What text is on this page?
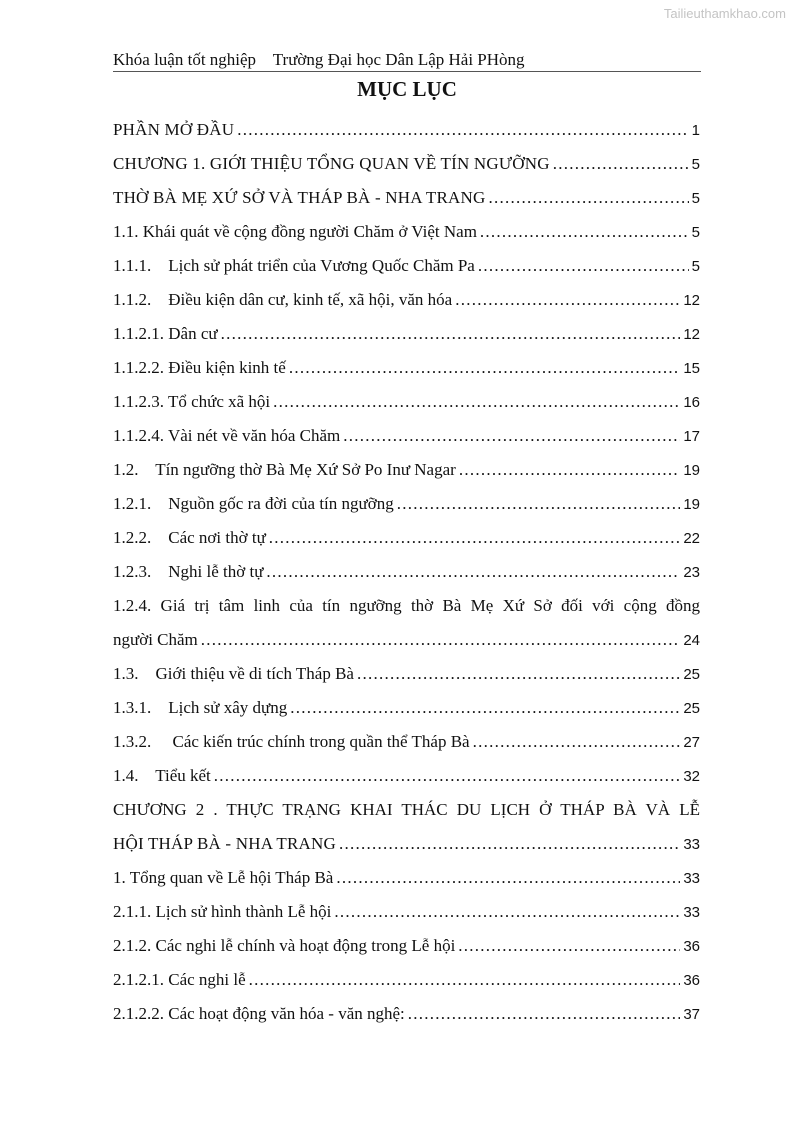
Tailieuthamkhao.com
Khóa luận tốt nghiệp Trường Đại học Dân Lập Hải PHòng
MỤC LỤC
PHẦN MỞ ĐẦU . . .	1
CHƯƠNG 1. GIỚI THIỆU TỔNG QUAN VỀ TÍN NGƯỠNG . . .	5
THỜ BÀ MẸ XỨ SỞ VÀ THÁP BÀ - NHA TRANG . . .	5
1.1. Khái quát về cộng đồng người Chăm ở Việt Nam . . .	5
1.1.1.    Lịch sử phát triển của Vương Quốc Chăm Pa . . .	5
1.1.2.    Điều kiện dân cư, kinh tế, xã hội, văn hóa . . .	12
1.1.2.1. Dân cư . . .	12
1.1.2.2. Điều kiện kinh tế . . .	15
1.1.2.3. Tổ chức xã hội . . .	16
1.1.2.4. Vài nét về văn hóa Chăm . . .	17
1.2.    Tín ngưỡng thờ Bà Mẹ Xứ Sở Po Inư Nagar . . .	19
1.2.1.    Nguồn gốc ra đời của tín ngưỡng . . .	19
1.2.2.    Các nơi thờ tự . . .	22
1.2.3.    Nghi lễ thờ tự . . .	23
1.2.4. Giá trị tâm linh của tín ngưỡng thờ Bà Mẹ Xứ Sở đối với cộng đồng
người Chăm . . .	24
1.3.    Giới thiệu về di tích Tháp Bà . . .	25
1.3.1.    Lịch sử xây dựng . . .	25
1.3.2.     Các kiến trúc chính trong quần thể Tháp Bà . . .	27
1.4.    Tiểu kết . . .	32
CHƯƠNG 2 . THỰC TRẠNG KHAI THÁC DU LỊCH Ở THÁP BÀ VÀ LỄ
HỘI THÁP BÀ - NHA TRANG . . .	33
1. Tổng quan về Lễ hội Tháp Bà . . .	33
2.1.1. Lịch sử hình thành Lễ hội . . .	33
2.1.2. Các nghi lễ chính và hoạt động trong Lễ hội . . .	36
2.1.2.1. Các nghi lễ . . .	36
2.1.2.2. Các hoạt động văn hóa - văn nghệ: . . .	37
